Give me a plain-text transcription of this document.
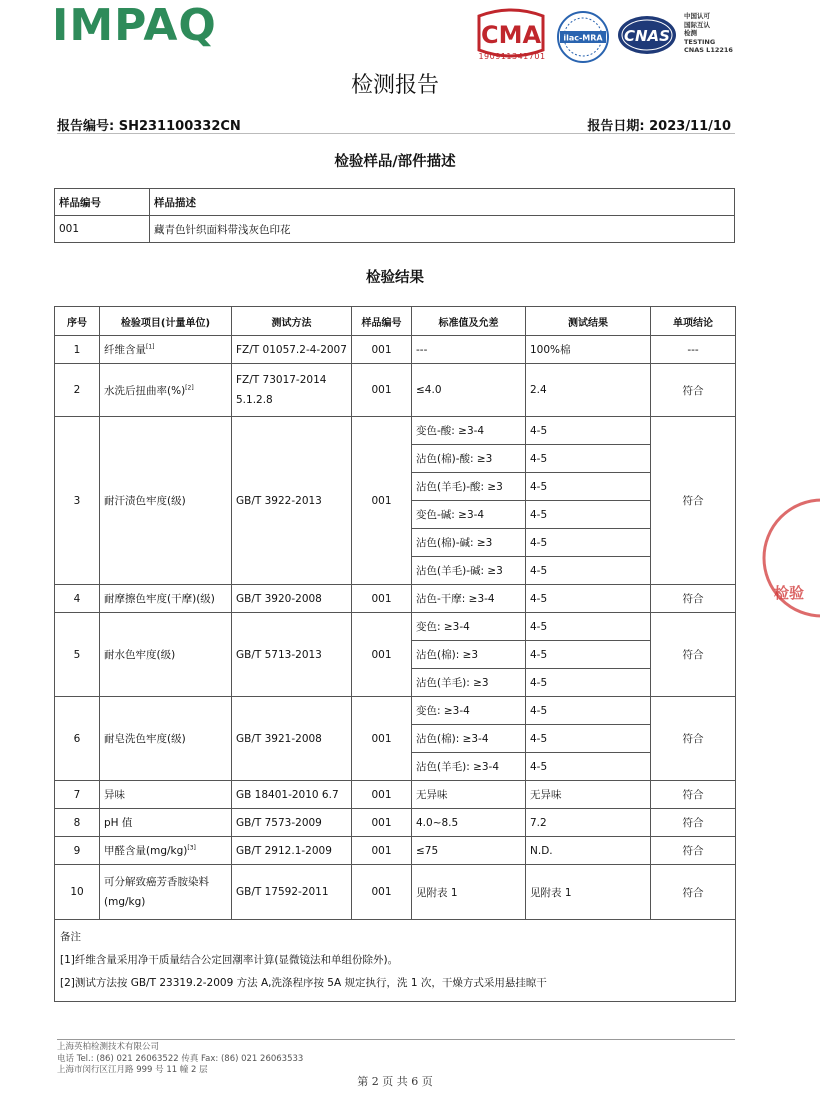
IMPAQ	CMA
190911341701
ilac-MRA CNAS
中国认可
国际互认
检测
TESTING
CNAS L12216
检测报告
报告编号: SH231100332CN	报告日期: 2023/11/10
检验样品/部件描述
样品编号	样品描述
001	藏青色针织面料带浅灰色印花
检验结果
序号	检验项目(计量单位)	测试方法	样品编号	标准值及允差	测试结果	单项结论
1	纤维含量[1]	FZ/T 01057.2-4-2007	001	---	100%棉	---
2	水洗后扭曲率(%)[2]	FZ/T 73017-2014
5.1.2.8	001	≤4.0	2.4	符合
3	耐汗渍色牢度(级)	GB/T 3922-2013	001	变色-酸: ≥3-4	4-5	符合
				沾色(棉)-酸: ≥3	4-5	
				沾色(羊毛)-酸: ≥3	4-5	
				变色-碱: ≥3-4	4-5	
				沾色(棉)-碱: ≥3	4-5	
				沾色(羊毛)-碱: ≥3	4-5	
4	耐摩擦色牢度(干摩)(级)	GB/T 3920-2008	001	沾色-干摩: ≥3-4	4-5	符合
5	耐水色牢度(级)	GB/T 5713-2013	001	变色: ≥3-4	4-5	符合
				沾色(棉): ≥3	4-5	
				沾色(羊毛): ≥3	4-5	
6	耐皂洗色牢度(级)	GB/T 3921-2008	001	变色: ≥3-4	4-5	符合
				沾色(棉): ≥3-4	4-5	
				沾色(羊毛): ≥3-4	4-5	
7	异味	GB 18401-2010 6.7	001	无异味	无异味	符合
8	pH 值	GB/T 7573-2009	001	4.0~8.5	7.2	符合
9	甲醛含量(mg/kg)[3]	GB/T 2912.1-2009	001	≤75	N.D.	符合
10	可分解致癌芳香胺染料
(mg/kg)	GB/T 17592-2011	001	见附表 1	见附表 1	符合

备注
[1]纤维含量采用净干质量结合公定回潮率计算(显微镜法和单组份除外)。
[2]测试方法按 GB/T 23319.2-2009 方法 A,洗涤程序按 5A 规定执行，洗 1 次，干燥方式采用悬挂晾干						
检验
上海英柏检测技术有限公司
电话 Tel.: (86) 021 26063522 传真 Fax: (86) 021 26063533
上海市闵行区江月路 999 号 11 幢 2 层
第 2 页 共 6 页
